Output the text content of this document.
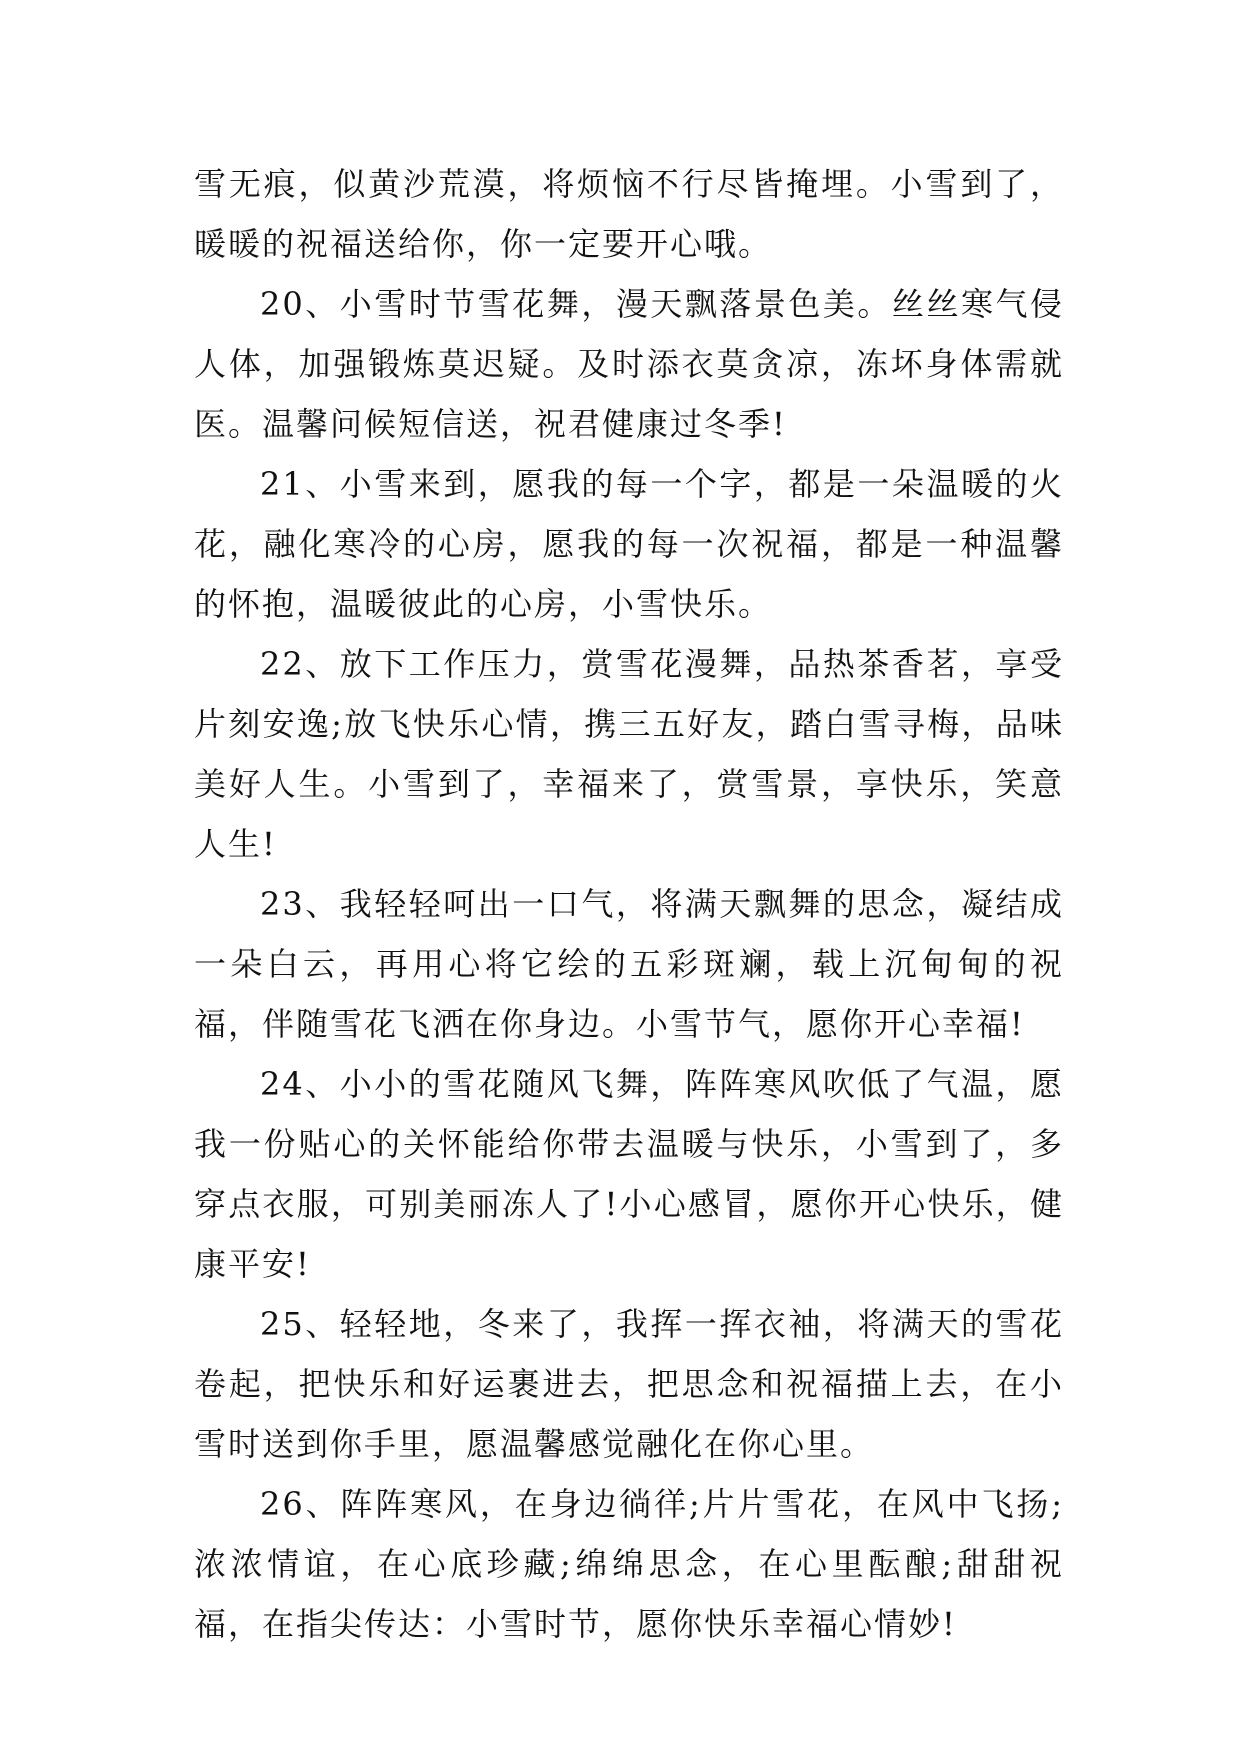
雪无痕，似黄沙荒漠，将烦恼不行尽皆掩埋。小雪到了，暖暖的祝福送给你，你一定要开心哦。

20、小雪时节雪花舞，漫天飘落景色美。丝丝寒气侵人体，加强锻炼莫迟疑。及时添衣莫贪凉，冻坏身体需就医。温馨问候短信送，祝君健康过冬季!

21、小雪来到，愿我的每一个字，都是一朵温暖的火花，融化寒冷的心房，愿我的每一次祝福，都是一种温馨的怀抱，温暖彼此的心房，小雪快乐。

22、放下工作压力，赏雪花漫舞，品热茶香茗，享受片刻安逸;放飞快乐心情，携三五好友，踏白雪寻梅，品味美好人生。小雪到了，幸福来了，赏雪景，享快乐，笑意人生!

23、我轻轻呵出一口气，将满天飘舞的思念，凝结成一朵白云，再用心将它绘的五彩斑斓，载上沉甸甸的祝福，伴随雪花飞洒在你身边。小雪节气，愿你开心幸福!

24、小小的雪花随风飞舞，阵阵寒风吹低了气温，愿我一份贴心的关怀能给你带去温暖与快乐，小雪到了，多穿点衣服，可别美丽冻人了!小心感冒，愿你开心快乐，健康平安!

25、轻轻地，冬来了，我挥一挥衣袖，将满天的雪花卷起，把快乐和好运裹进去，把思念和祝福描上去，在小雪时送到你手里，愿温馨感觉融化在你心里。

26、阵阵寒风，在身边徜徉;片片雪花，在风中飞扬;浓浓情谊，在心底珍藏;绵绵思念，在心里酝酿;甜甜祝福，在指尖传达：小雪时节，愿你快乐幸福心情妙!
